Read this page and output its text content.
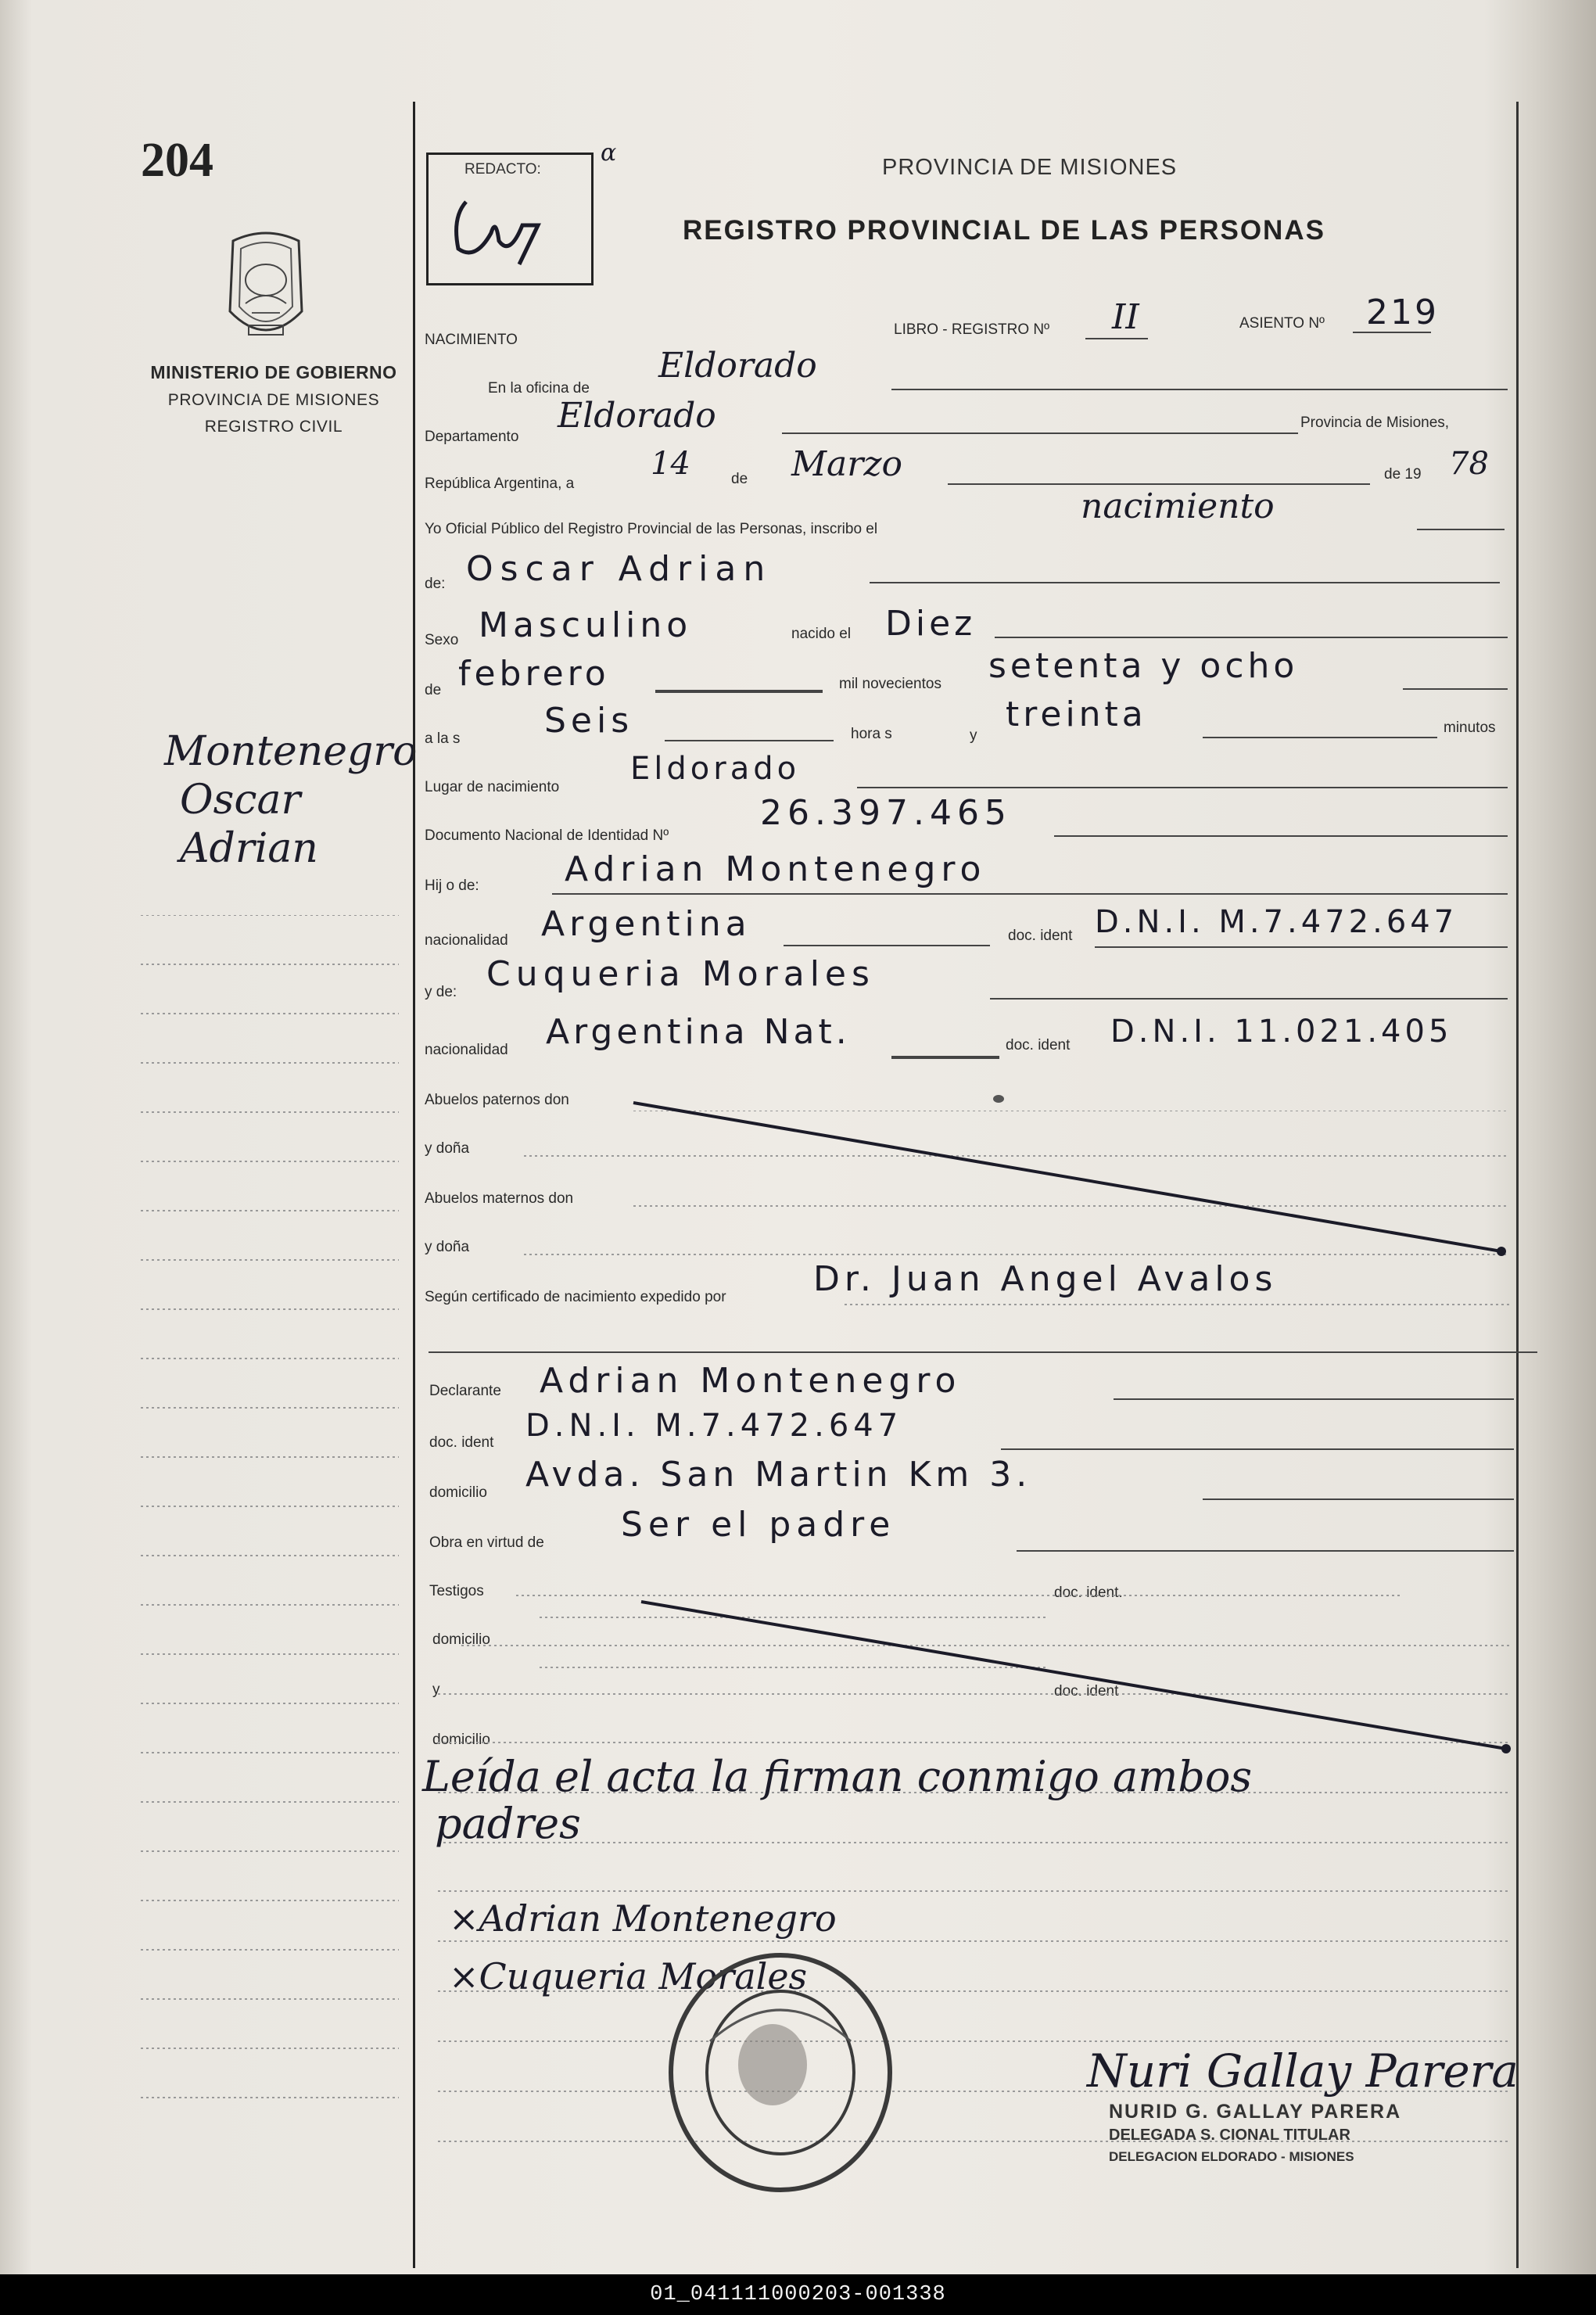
204
MINISTERIO DE GOBIERNO
PROVINCIA DE MISIONES
REGISTRO CIVIL
Montenegro
Oscar
Adrian
REDACTO:
α
PROVINCIA DE MISIONES
REGISTRO PROVINCIAL DE LAS PERSONAS
NACIMIENTO
LIBRO - REGISTRO Nº II	ASIENTO Nº 219
En la oficina de
Eldorado
Departamento
Eldorado	Provincia de Misiones,
República Argentina, a
14	de Marzo	de 19 78
Yo Oficial Público del Registro Provincial de las Personas, inscribo el
nacimiento
de: Oscar Adrian
Sexo Masculino	nacido el Diez
de febrero	mil novecientos setenta y ocho
a la s Seis	hora s	y
treinta	minutos
Lugar de nacimiento
Eldorado
Documento Nacional de Identidad Nº
26.397.465
Hij o de: Adrian Montenegro
nacionalidad Argentina	doc. ident D.N.I. M.7.472.647
y de: Cuqueria Morales
nacionalidad Argentina Nat.	doc. ident D.N.I. 11.021.405
Abuelos paternos don
y doña
Abuelos maternos don
y doña
Según certificado de nacimiento expedido por	Dr. Juan Angel Avalos
Declarante Adrian Montenegro
doc. ident D.N.I. M.7.472.647
domicilio Avda. San Martin Km 3.
Obra en virtud de Ser el padre
Testigos	doc. ident.
domicilio
y	doc. ident
domicilio
Leída el acta la firman conmigo ambos
padres
×Adrian Montenegro
×Cuqueria Morales
Nuri Gallay Parera
NURID G. GALLAY PARERA
DELEGADA S. CIONAL TITULAR
DELEGACION ELDORADO - MISIONES
01_041111000203-001338
